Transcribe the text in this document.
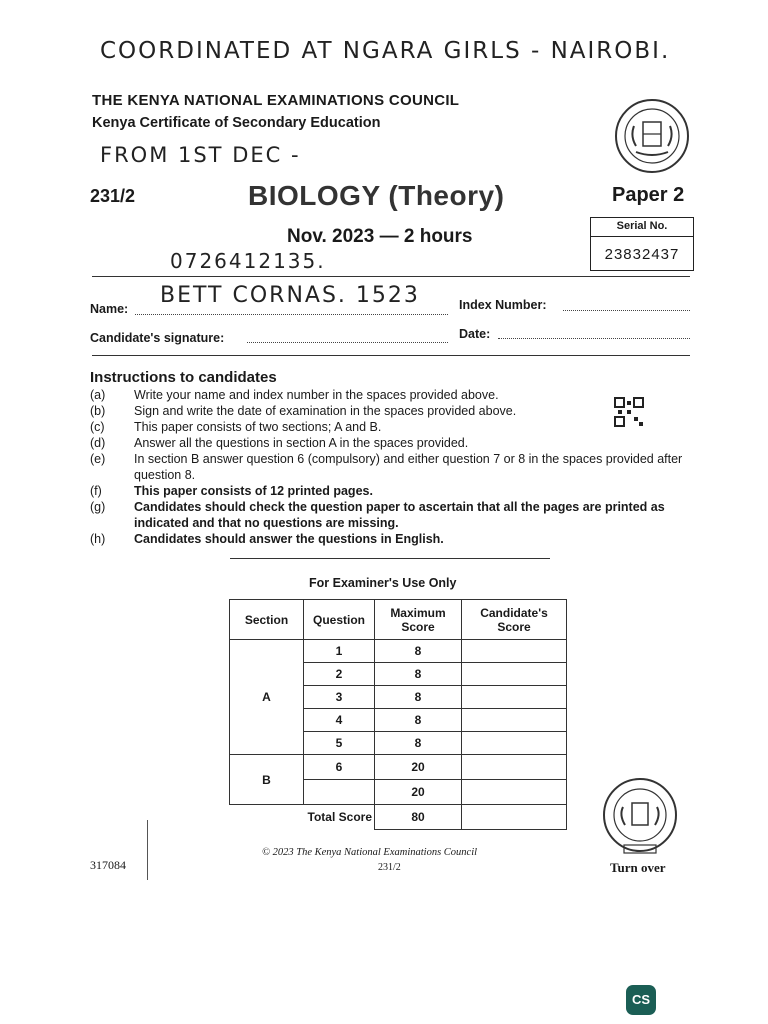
COORDINATED AT NGARA GIRLS - NAIROBI.
THE KENYA NATIONAL EXAMINATIONS COUNCIL
Kenya Certificate of Secondary Education
FROM 1ST DEC -
231/2	BIOLOGY (Theory)	Paper 2
Serial No.
23832437
Nov. 2023 — 2 hours
0726412135.
Name:
BETT CORNAS. 1523	Index Number:
Candidate's signature:	Date:
Instructions to candidates
(a)	Write your name and index number in the spaces provided above.
(b)	Sign and write the date of examination in the spaces provided above.
(c)	This paper consists of two sections; A and B.
(d)	Answer all the questions in section A in the spaces provided.
(e)	In section B answer question 6 (compulsory) and either question 7 or 8 in the spaces provided after question 8.
(f)	This paper consists of 12 printed pages.
(g)	Candidates should check the question paper to ascertain that all the pages are printed as indicated and that no questions are missing.
(h)	Candidates should answer the questions in English.
For Examiner's Use Only
Section	Question	Maximum Score	Candidate's Score
A	1	8	
	2	8	
	3	8	
	4	8	
	5	8	
B	6	20	
		20	
Total Score		80	
© 2023 The Kenya National Examinations Council
231/2
317084	Turn over
CS
